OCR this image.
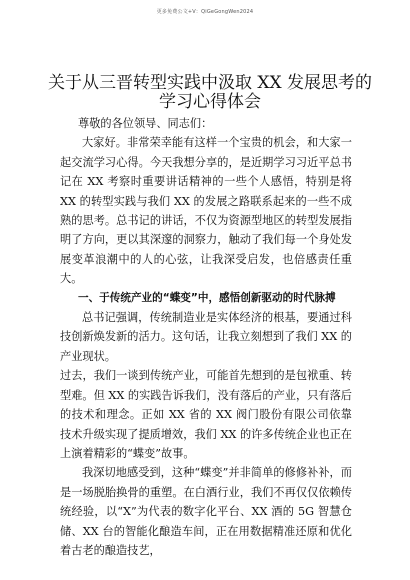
更多免费公文+V：QiGeGongWen2024
关于从三晋转型实践中汲取 XX 发展思考的学习心得体会

尊敬的各位领导、同志们：

大家好。非常荣幸能有这样一个宝贵的机会，和大家一起交流学习心得。今天我想分享的，是近期学习习近平总书记在 XX 考察时重要讲话精神的一些个人感悟，特别是将 XX 的转型实践与我们 XX 的发展之路联系起来的一些不成熟的思考。总书记的讲话，不仅为资源型地区的转型发展指明了方向，更以其深邃的洞察力，触动了我们每一个身处发展变革浪潮中的人的心弦，让我深受启发，也倍感责任重大。

一、于传统产业的“蝶变”中，感悟创新驱动的时代脉搏

总书记强调，传统制造业是实体经济的根基，要通过科技创新焕发新的活力。这句话，让我立刻想到了我们 XX 的产业现状。

过去，我们一谈到传统产业，可能首先想到的是包袱重、转型难。但 XX 的实践告诉我们，没有落后的产业，只有落后的技术和理念。正如 XX 省的 XX 阀门股份有限公司依靠技术升级实现了提质增效，我们 XX 的许多传统企业也正在上演着精彩的“蝶变”故事。

我深切地感受到，这种“蝶变”并非简单的修修补补，而是一场脱胎换骨的重塑。在白酒行业，我们不再仅仅依赖传统经验，以“X”为代表的数字化平台、XX 酒的 5G 智慧仓储、XX 台的智能化酿造车间，正在用数据精准还原和优化着古老的酿造技艺，
